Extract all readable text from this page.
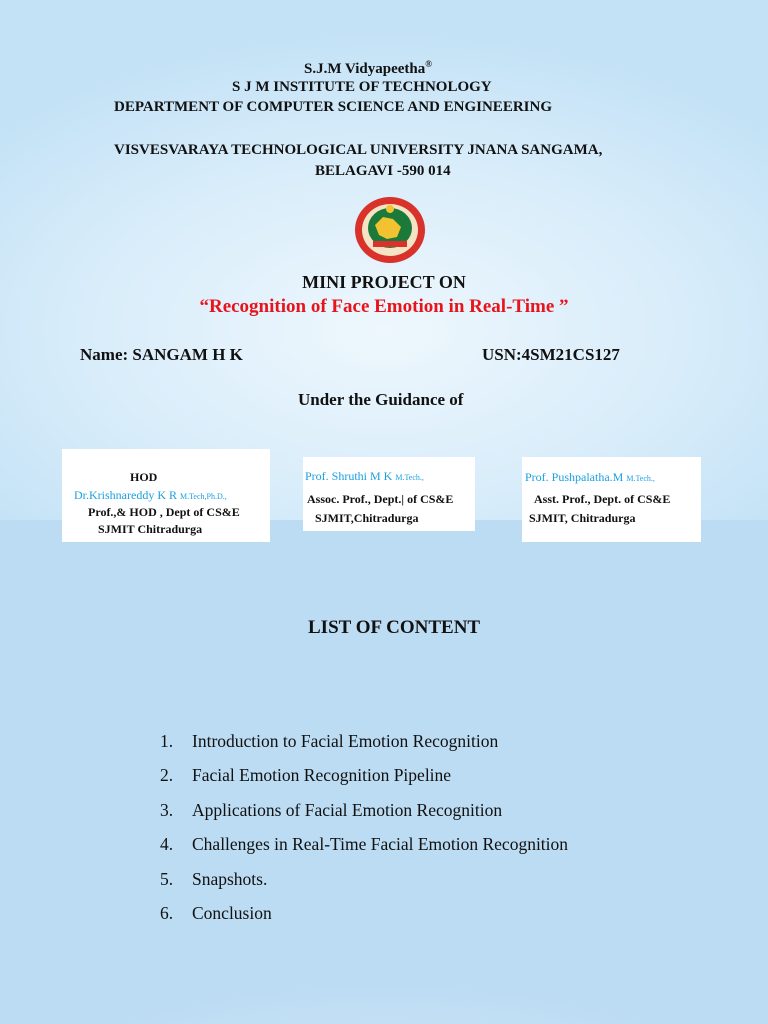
S.J.M Vidyapeetha®
S J M INSTITUTE OF TECHNOLOGY
DEPARTMENT OF COMPUTER SCIENCE AND ENGINEERING
VISVESVARAYA TECHNOLOGICAL UNIVERSITY JNANA SANGAMA,
BELAGAVI -590 014
MINI PROJECT ON
“Recognition of Face Emotion in Real-Time ”
Name: SANGAM H K	USN:4SM21CS127
Under the Guidance of
HOD
Dr.Krishnareddy K R M.Tech,Ph.D.,
Prof.,& HOD , Dept of CS&E
SJMIT Chitradurga
Prof. Shruthi M K M.Tech.,
Assoc. Prof., Dept.| of CS&E
SJMIT,Chitradurga
Prof. Pushpalatha.M M.Tech.,
Asst. Prof., Dept. of CS&E
SJMIT, Chitradurga
LIST OF CONTENT
1. Introduction to Facial Emotion Recognition
2. Facial Emotion Recognition Pipeline
3. Applications of Facial Emotion Recognition
4. Challenges in Real-Time Facial Emotion Recognition
5. Snapshots.
6. Conclusion
